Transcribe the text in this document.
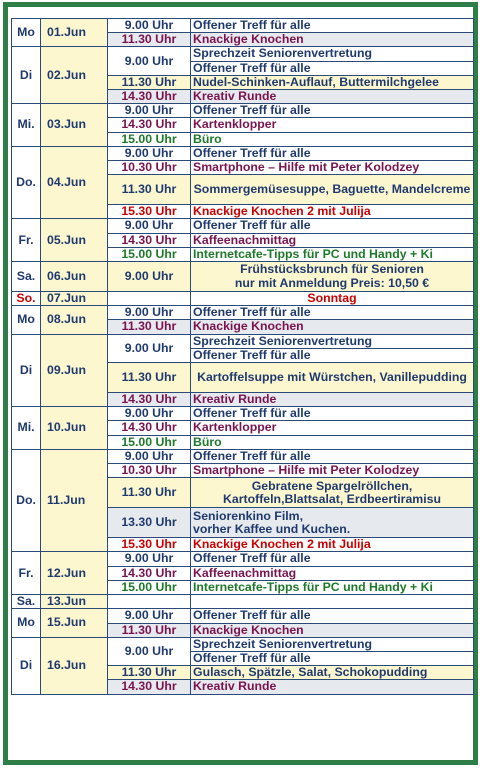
Mo	01.Jun	9.00 Uhr	Offener Treff für alle
		11.30 Uhr	Knackige Knochen
Di	02.Jun	9.00 Uhr	Sprechzeit Seniorenvertretung
			Offener Treff für alle
		11.30 Uhr	Nudel-Schinken-Auflauf, Buttermilchgelee
		14.30 Uhr	Kreativ Runde
Mi.	03.Jun	9.00 Uhr	Offener Treff für alle
		14.30 Uhr	Kartenklopper
		15.00 Uhr	Büro
Do.	04.Jun	9.00 Uhr	Offener Treff für alle
		10.30 Uhr	Smartphone – Hilfe mit Peter Kolodzey
		11.30 Uhr	Sommergemüsesuppe, Baguette, Mandelcreme
		15.30 Uhr	Knackige Knochen 2 mit Julija
Fr.	05.Jun	9.00 Uhr	Offener Treff für alle
		14.30 Uhr	Kaffeenachmittag
		15.00 Uhr	Internetcafe-Tipps für PC und Handy + Ki
Sa.	06.Jun	9.00 Uhr	Frühstücksbrunch für Senioren
nur mit Anmeldung Preis: 10,50 €
So.	07.Jun		Sonntag
Mo	08.Jun	9.00 Uhr	Offener Treff für alle
		11.30 Uhr	Knackige Knochen
Di	09.Jun	9.00 Uhr	Sprechzeit Seniorenvertretung
			Offener Treff für alle
		11.30 Uhr	Kartoffelsuppe mit Würstchen, Vanillepudding
		14.30 Uhr	Kreativ Runde
Mi.	10.Jun	9.00 Uhr	Offener Treff für alle
		14.30 Uhr	Kartenklopper
		15.00 Uhr	Büro
Do.	11.Jun	9.00 Uhr	Offener Treff für alle
		10.30 Uhr	Smartphone – Hilfe mit Peter Kolodzey
		11.30 Uhr	Gebratene Spargelröllchen, Kartoffeln,Blattsalat, Erdbeertiramisu
		13.30 Uhr	Seniorenkino Film,
vorher Kaffee und Kuchen.
		15.30 Uhr	Knackige Knochen 2 mit Julija
Fr.	12.Jun	9.00 Uhr	Offener Treff für alle
		14.30 Uhr	Kaffeenachmittag
		15.00 Uhr	Internetcafe-Tipps für PC und Handy + Ki
Sa.	13.Jun		
Mo	15.Jun	9.00 Uhr	Offener Treff für alle
		11.30 Uhr	Knackige Knochen
Di	16.Jun	9.00 Uhr	Sprechzeit Seniorenvertretung
			Offener Treff für alle
		11.30 Uhr	Gulasch, Spätzle, Salat, Schokopudding
		14.30 Uhr	Kreativ Runde
